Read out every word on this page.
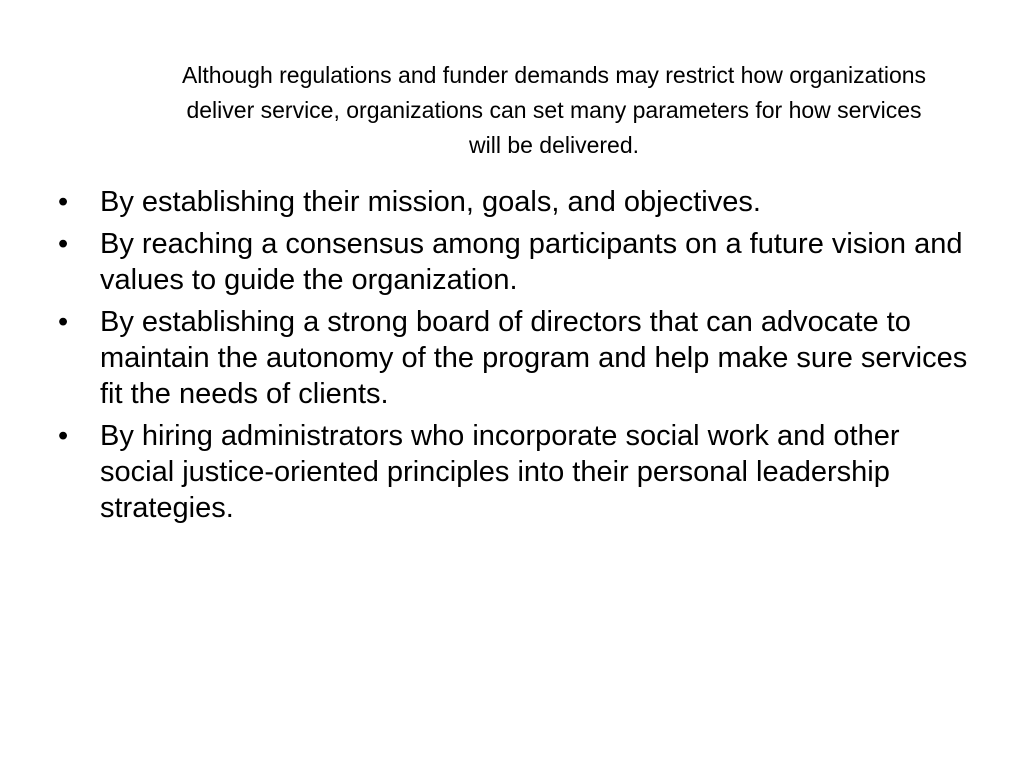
Although regulations and funder demands may restrict how organizations deliver service, organizations can set many parameters for how services will be delivered.

• By establishing their mission, goals, and objectives.
• By reaching a consensus among participants on a future vision and values to guide the organization.
• By establishing a strong board of directors that can advocate to maintain the autonomy of the program and help make sure services fit the needs of clients.
• By hiring administrators who incorporate social work and other social justice-oriented principles into their personal leadership strategies.
